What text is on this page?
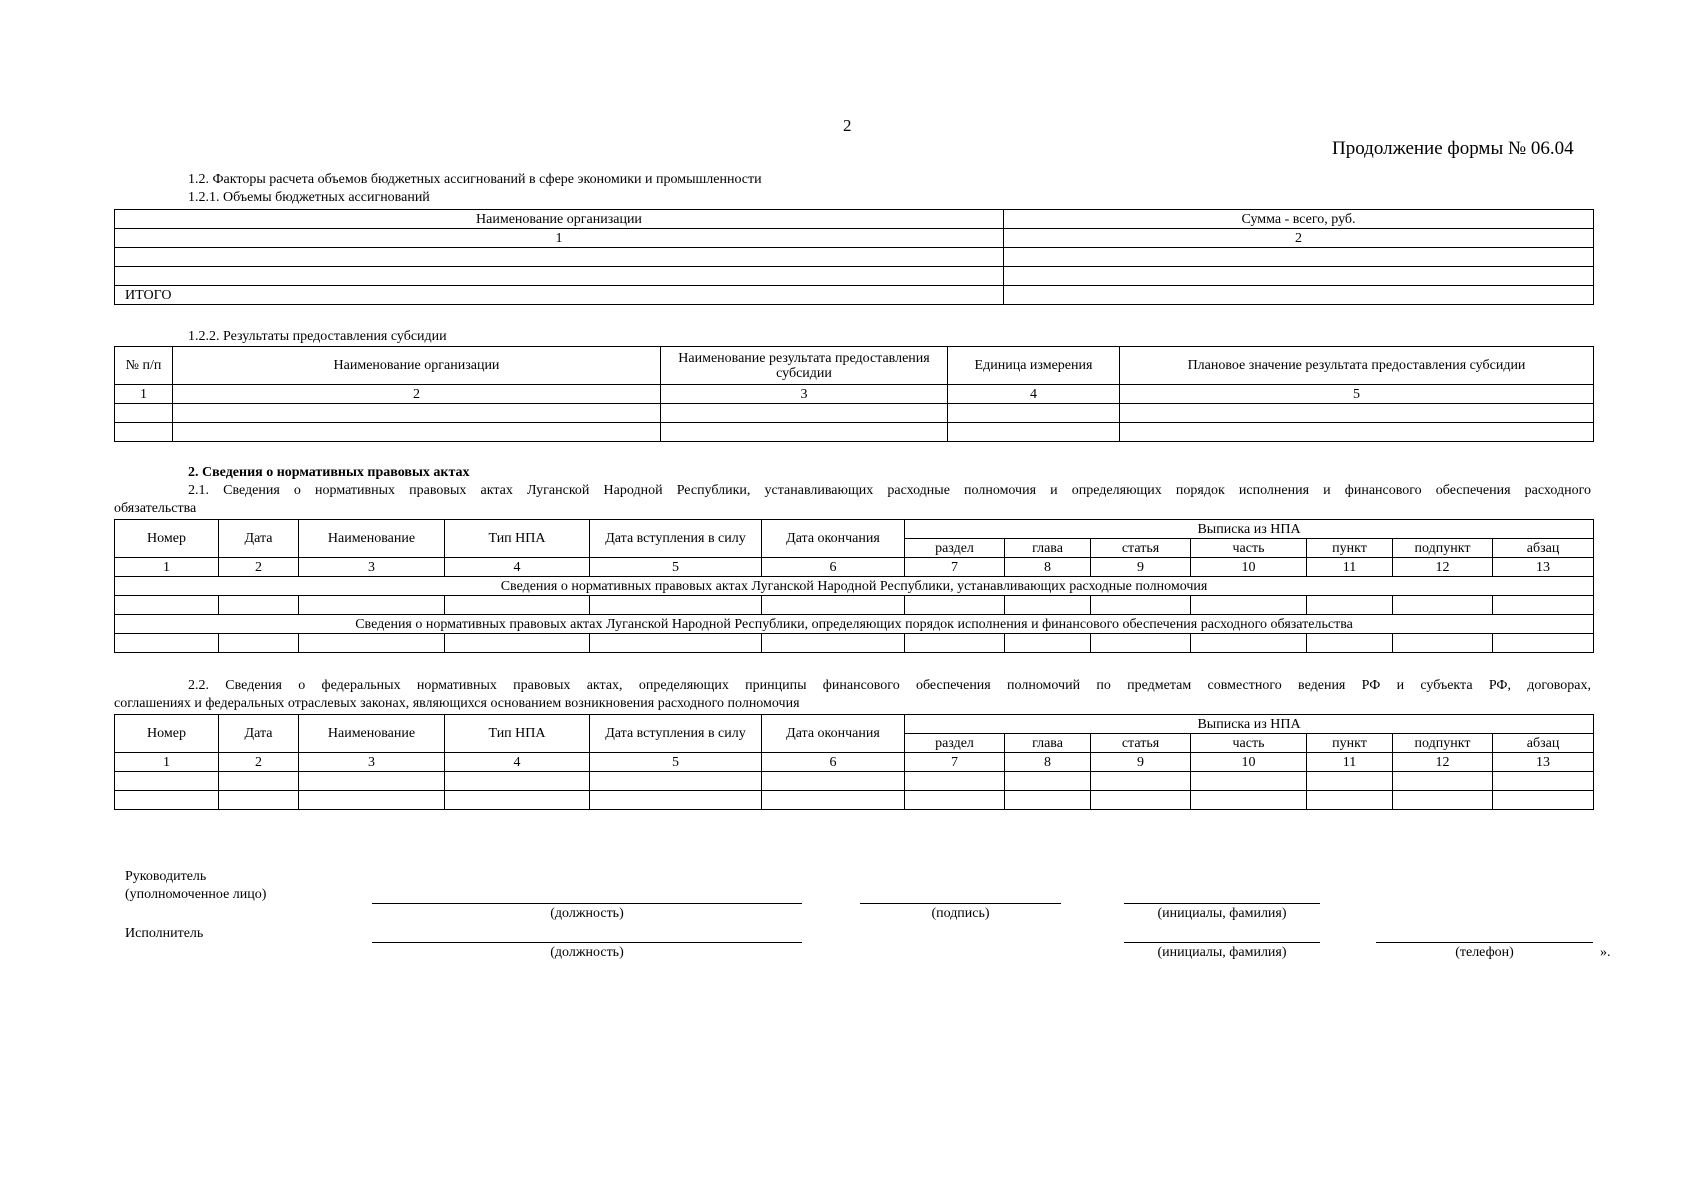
2
Продолжение формы № 06.04
1.2. Факторы расчета объемов бюджетных ассигнований в сфере экономики и промышленности
1.2.1. Объемы бюджетных ассигнований
Наименование организации	Сумма - всего, руб.
1	2

ИТОГО	
1.2.2. Результаты предоставления субсидии
№ п/п	Наименование организации	Наименование результата предоставления субсидии	Единица измерения	Плановое значение результата предоставления субсидии
1	2	3	4	5

2. Сведения о нормативных правовых актах
2.1. Сведения о нормативных правовых актах Луганской Народной Республики, устанавливающих расходные полномочия и определяющих порядок исполнения и финансового обеспечения расходного
обязательства
Номер	Дата	Наименование	Тип НПА	Дата вступления в силу	Дата окончания	Выписка из НПА						
						раздел	глава	статья	часть	пункт	подпункт	абзац
1	2	3	4	5	6	7	8	9	10	11	12	13
Сведения о нормативных правовых актах Луганской Народной Республики, устанавливающих расходные полномочия												

Сведения о нормативных правовых актах Луганской Народной Республики, определяющих порядок исполнения и финансового обеспечения расходного обязательства												

2.2. Сведения о федеральных нормативных правовых актах, определяющих принципы финансового обеспечения полномочий по предметам совместного ведения РФ и субъекта РФ, договорах,
соглашениях и федеральных отраслевых законах, являющихся основанием возникновения расходного полномочия
Номер	Дата	Наименование	Тип НПА	Дата вступления в силу	Дата окончания	Выписка из НПА						
						раздел	глава	статья	часть	пункт	подпункт	абзац
1	2	3	4	5	6	7	8	9	10	11	12	13

Руководитель
(уполномоченное лицо)
(должность)	(подпись)	(инициалы, фамилия)
Исполнитель
(должность)	(инициалы, фамилия)	(телефон)	».
